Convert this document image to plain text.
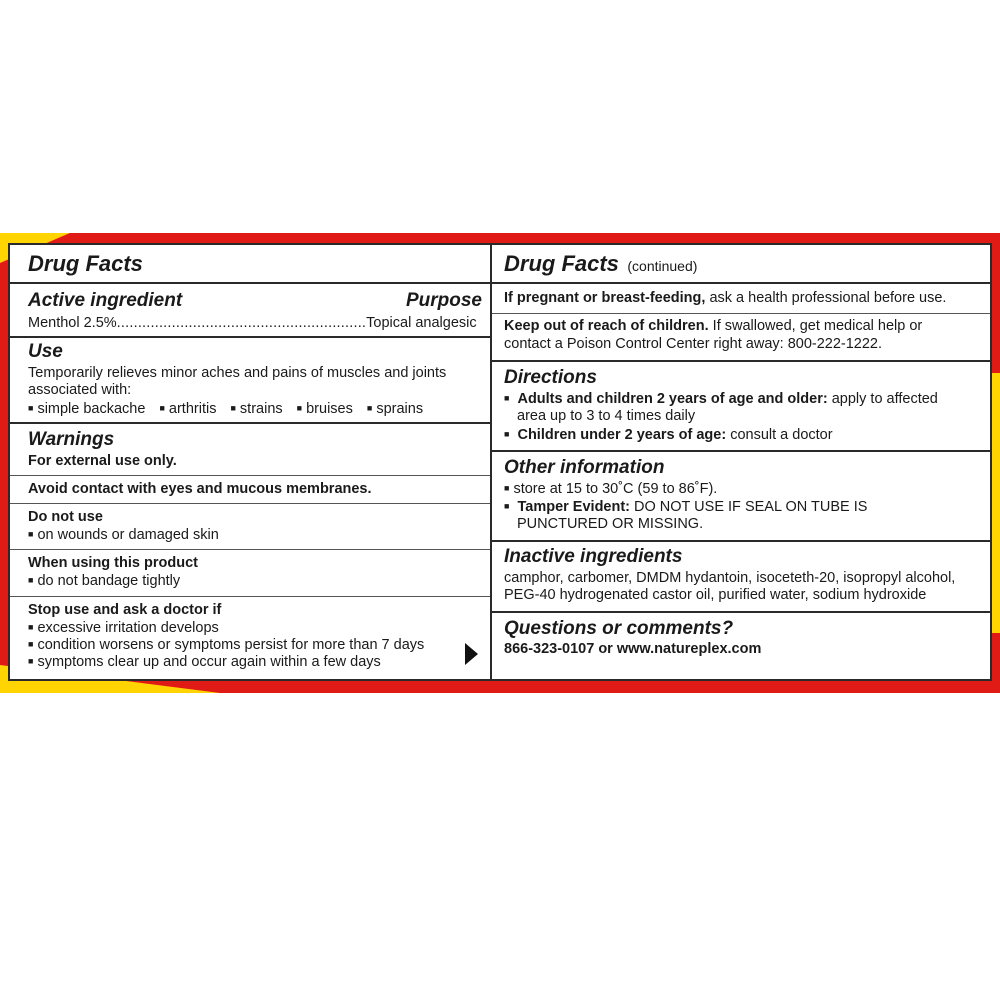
Drug Facts
Active ingredient	Purpose
Menthol 2.5%...........................................................Topical analgesic
Use
Temporarily relieves minor aches and pains of muscles and joints
associated with:
■ simple backache ■ arthritis ■ strains ■ bruises ■ sprains
Warnings
For external use only.
Avoid contact with eyes and mucous membranes.
Do not use
■ on wounds or damaged skin
When using this product
■ do not bandage tightly
Stop use and ask a doctor if
■ excessive irritation develops
■ condition worsens or symptoms persist for more than 7 days
■ symptoms clear up and occur again within a few days
Drug Facts (continued)
If pregnant or breast-feeding, ask a health professional before use.
Keep out of reach of children. If swallowed, get medical help or
contact a Poison Control Center right away: 800-222-1222.
Directions
■ Adults and children 2 years of age and older: apply to affected
area up to 3 to 4 times daily
■ Children under 2 years of age: consult a doctor
Other information
■ store at 15 to 30˚C (59 to 86˚F).
■ Tamper Evident: DO NOT USE IF SEAL ON TUBE IS
PUNCTURED OR MISSING.
Inactive ingredients
camphor, carbomer, DMDM hydantoin, isoceteth-20, isopropyl alcohol,
PEG-40 hydrogenated castor oil, purified water, sodium hydroxide
Questions or comments?
866-323-0107 or www.natureplex.com
